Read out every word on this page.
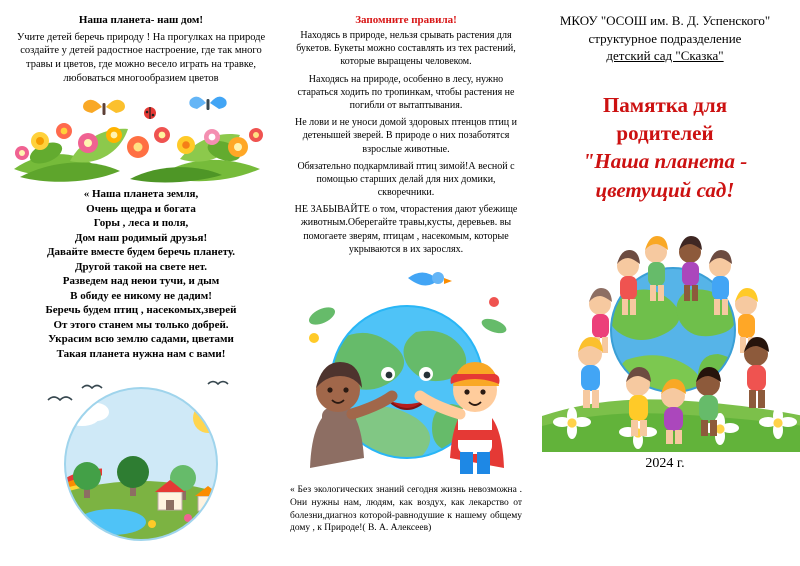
Наша планета- наш дом!
Учите детей беречь природу ! На прогулках на природе создайте у детей радостное настроение, где так много травы и цветов, где можно весело играть на травке, любоваться многообразием цветов
« Наша планета земля,
Очень щедра и богата
Горы , леса и поля,
Дом наш родимый друзья!
Давайте вместе будем беречь планету.
Другой такой на свете нет.
Разведем над неюи тучи, и дым
В обиду ее никому не дадим!
Беречь будем птиц , насекомых,зверей
От этого станем мы только добрей.
Украсим всю землю садами, цветами
Такая планета нужна нам с вами!
Запомните правила!

Находясь в природе, нельзя срывать растения для букетов. Букеты можно составлять из тех растений, которые выращены человеком.

Находясь на природе, особенно в лесу, нужно стараться ходить по тропинкам, чтобы растения не погибли от вытаптывания.

Не лови и не уноси домой здоровых птенцов птиц и детенышей зверей. В природе о них позаботятся взрослые животные.

Обязательно подкармливай птиц зимой!А весной с помощью старших делай для них домики, скворечники.

НЕ ЗАБЫВАЙТЕ о том, чторастения дают убежище животным.Оберегайте травы,кусты, деревьев. вы помогаете зверям, птицам , насекомым, которые укрываются в их зарослях.

« Без экологических знаний сегодня жизнь невозможна . Они нужны нам, людям, как воздух, как лекарство от болезни,диагноз которой-равнодушие к нашему общему дому , к Природе!( В. А. Алексеев)

МКОУ "ОСОШ им. В. Д. Успенского"
структурное подразделение
детский сад "Сказка"
Памятка для
родителей
"Наша планета -
цветущий сад!
2024 г.
